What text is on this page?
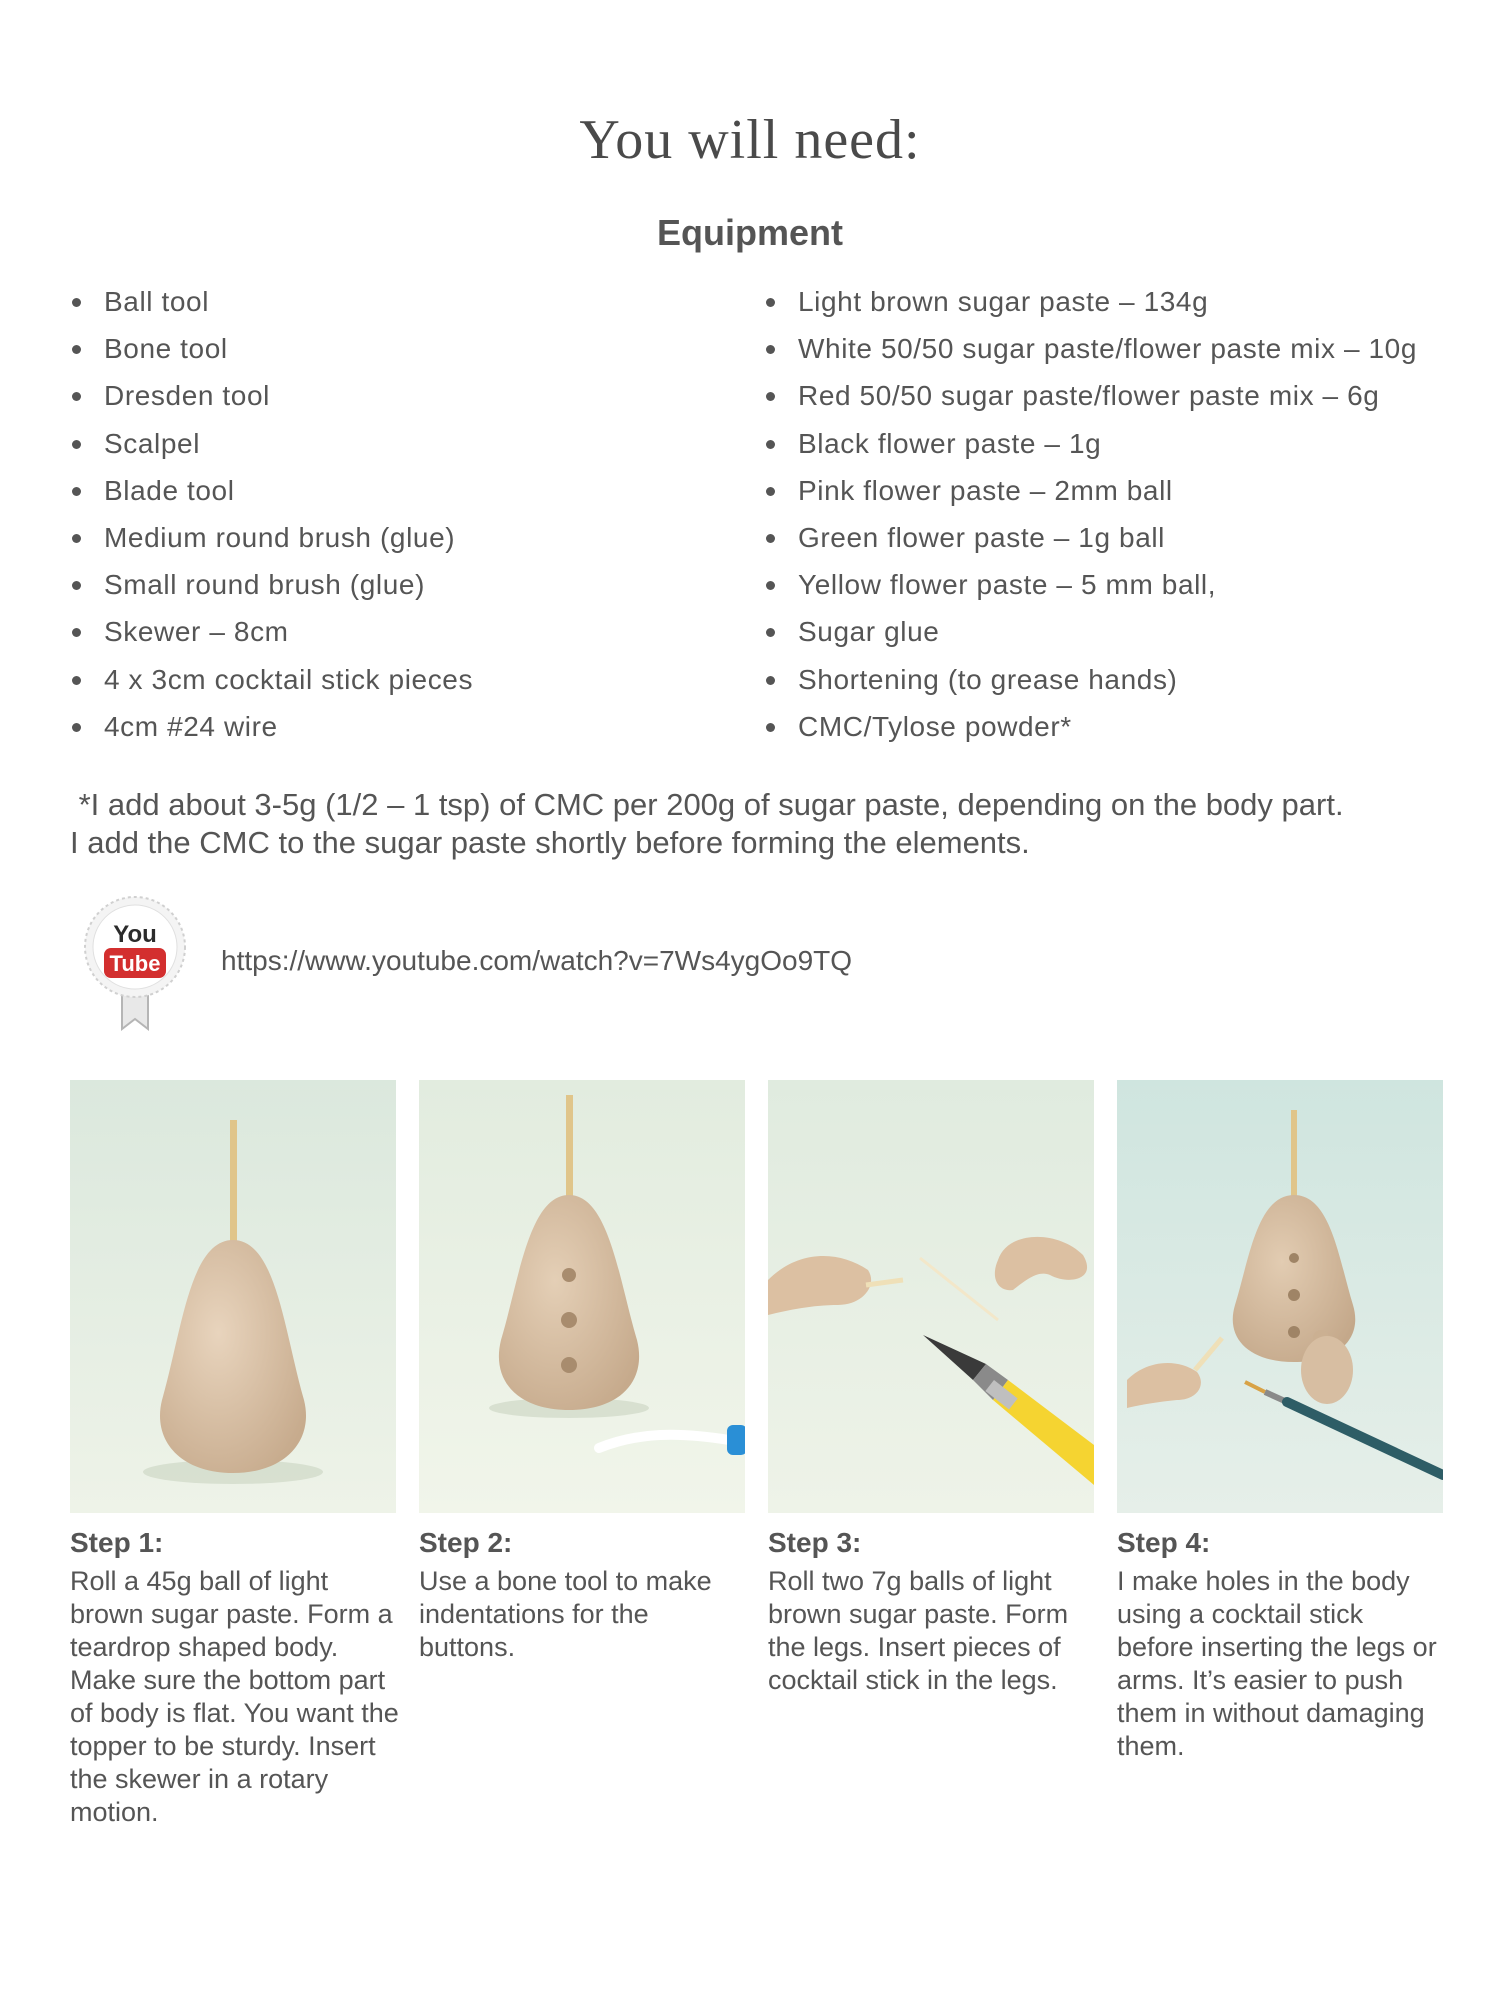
You will need:
Equipment
Ball tool
Bone tool
Dresden tool
Scalpel
Blade tool
Medium round brush (glue)
Small round brush (glue)
Skewer – 8cm
4 x 3cm cocktail stick pieces
4cm #24 wire
Light brown sugar paste – 134g
White 50/50 sugar paste/flower paste mix – 10g
Red 50/50 sugar paste/flower paste mix – 6g
Black flower paste – 1g
Pink flower paste – 2mm ball
Green flower paste – 1g ball
Yellow flower paste – 5 mm ball,
Sugar glue
Shortening (to grease hands)
CMC/Tylose powder*
*I add about 3-5g (1/2 – 1 tsp) of CMC per 200g of sugar paste, depending on the body part.
I add the CMC to the sugar paste shortly before forming the elements.
You
Tube https://www.youtube.com/watch?v=7Ws4ygOo9TQ
Step 1:
Roll a 45g ball of light brown sugar paste. Form a teardrop shaped body. Make sure the bottom part of body is flat. You want the topper to be sturdy. Insert the skewer in a rotary motion.
Step 2:
Use a bone tool to make indentations for the buttons.
Step 3:
Roll two 7g balls of light brown sugar paste. Form the legs. Insert pieces of cocktail stick in the legs.
Step 4:
I make holes in the body using a cocktail stick before inserting the legs or arms. It’s easier to push them in without damaging them.
